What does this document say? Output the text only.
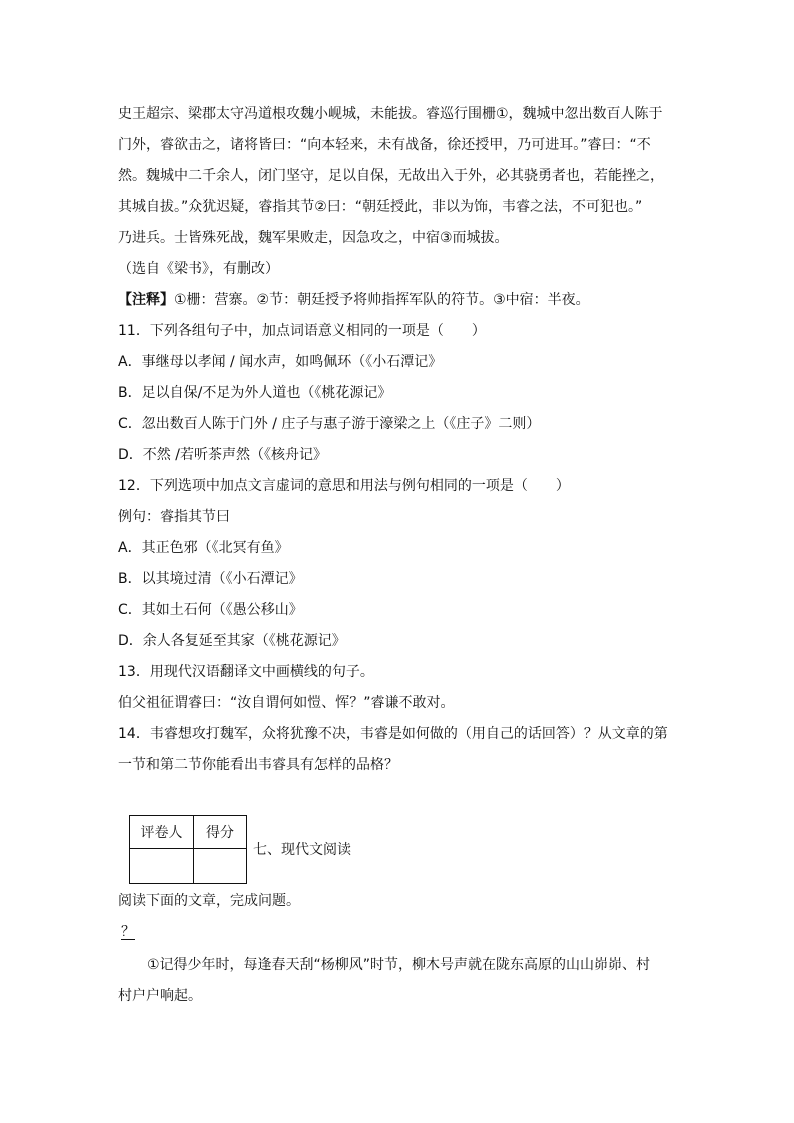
史王超宗、梁郡太守冯道根攻魏小岘城，未能拔。睿巡行围栅①，魏城中忽出数百人陈于
门外，睿欲击之，诸将皆曰：“向本轻来，未有战备，徐还授甲，乃可进耳。”睿曰：“不
然。魏城中二千余人，闭门坚守，足以自保，无故出入于外，必其骁勇者也，若能挫之，
其城自拔。”众犹迟疑，睿指其节②曰：“朝廷授此，非以为饰，韦睿之法，不可犯也。”
乃进兵。士皆殊死战，魏军果败走，因急攻之，中宿③而城拔。
（选自《梁书》，有删改）
【注释】①栅：营寨。②节：朝廷授予将帅指挥军队的符节。③中宿：半夜。
11．下列各组句子中，加点词语意义相同的一项是（　　）
A．事继母以孝闻 / 闻水声，如鸣佩环（《小石潭记》
B．足以自保/不足为外人道也（《桃花源记》
C．忽出数百人陈于门外 / 庄子与惠子游于濠梁之上（《庄子》二则）
D．不然 /若听茶声然（《核舟记》
12．下列选项中加点文言虚词的意思和用法与例句相同的一项是（　　）
例句：睿指其节曰
A．其正色邪（《北冥有鱼》
B．以其境过清（《小石潭记》
C．其如土石何（《愚公移山》
D．余人各复延至其家（《桃花源记》
13．用现代汉语翻译文中画横线的句子。
伯父祖征谓睿曰：“汝自谓何如愷、恽？”睿谦不敢对。
14．韦睿想攻打魏军，众将犹豫不决，韦睿是如何做的（用自己的话回答）？从文章的第
一节和第二节你能看出韦睿具有怎样的品格？
评卷人	得分

七、现代文阅读
阅读下面的文章，完成问题。
？
①记得少年时，每逢春天刮“杨柳风”时节，柳木号声就在陇东高原的山山峁峁、村
村户户响起。
